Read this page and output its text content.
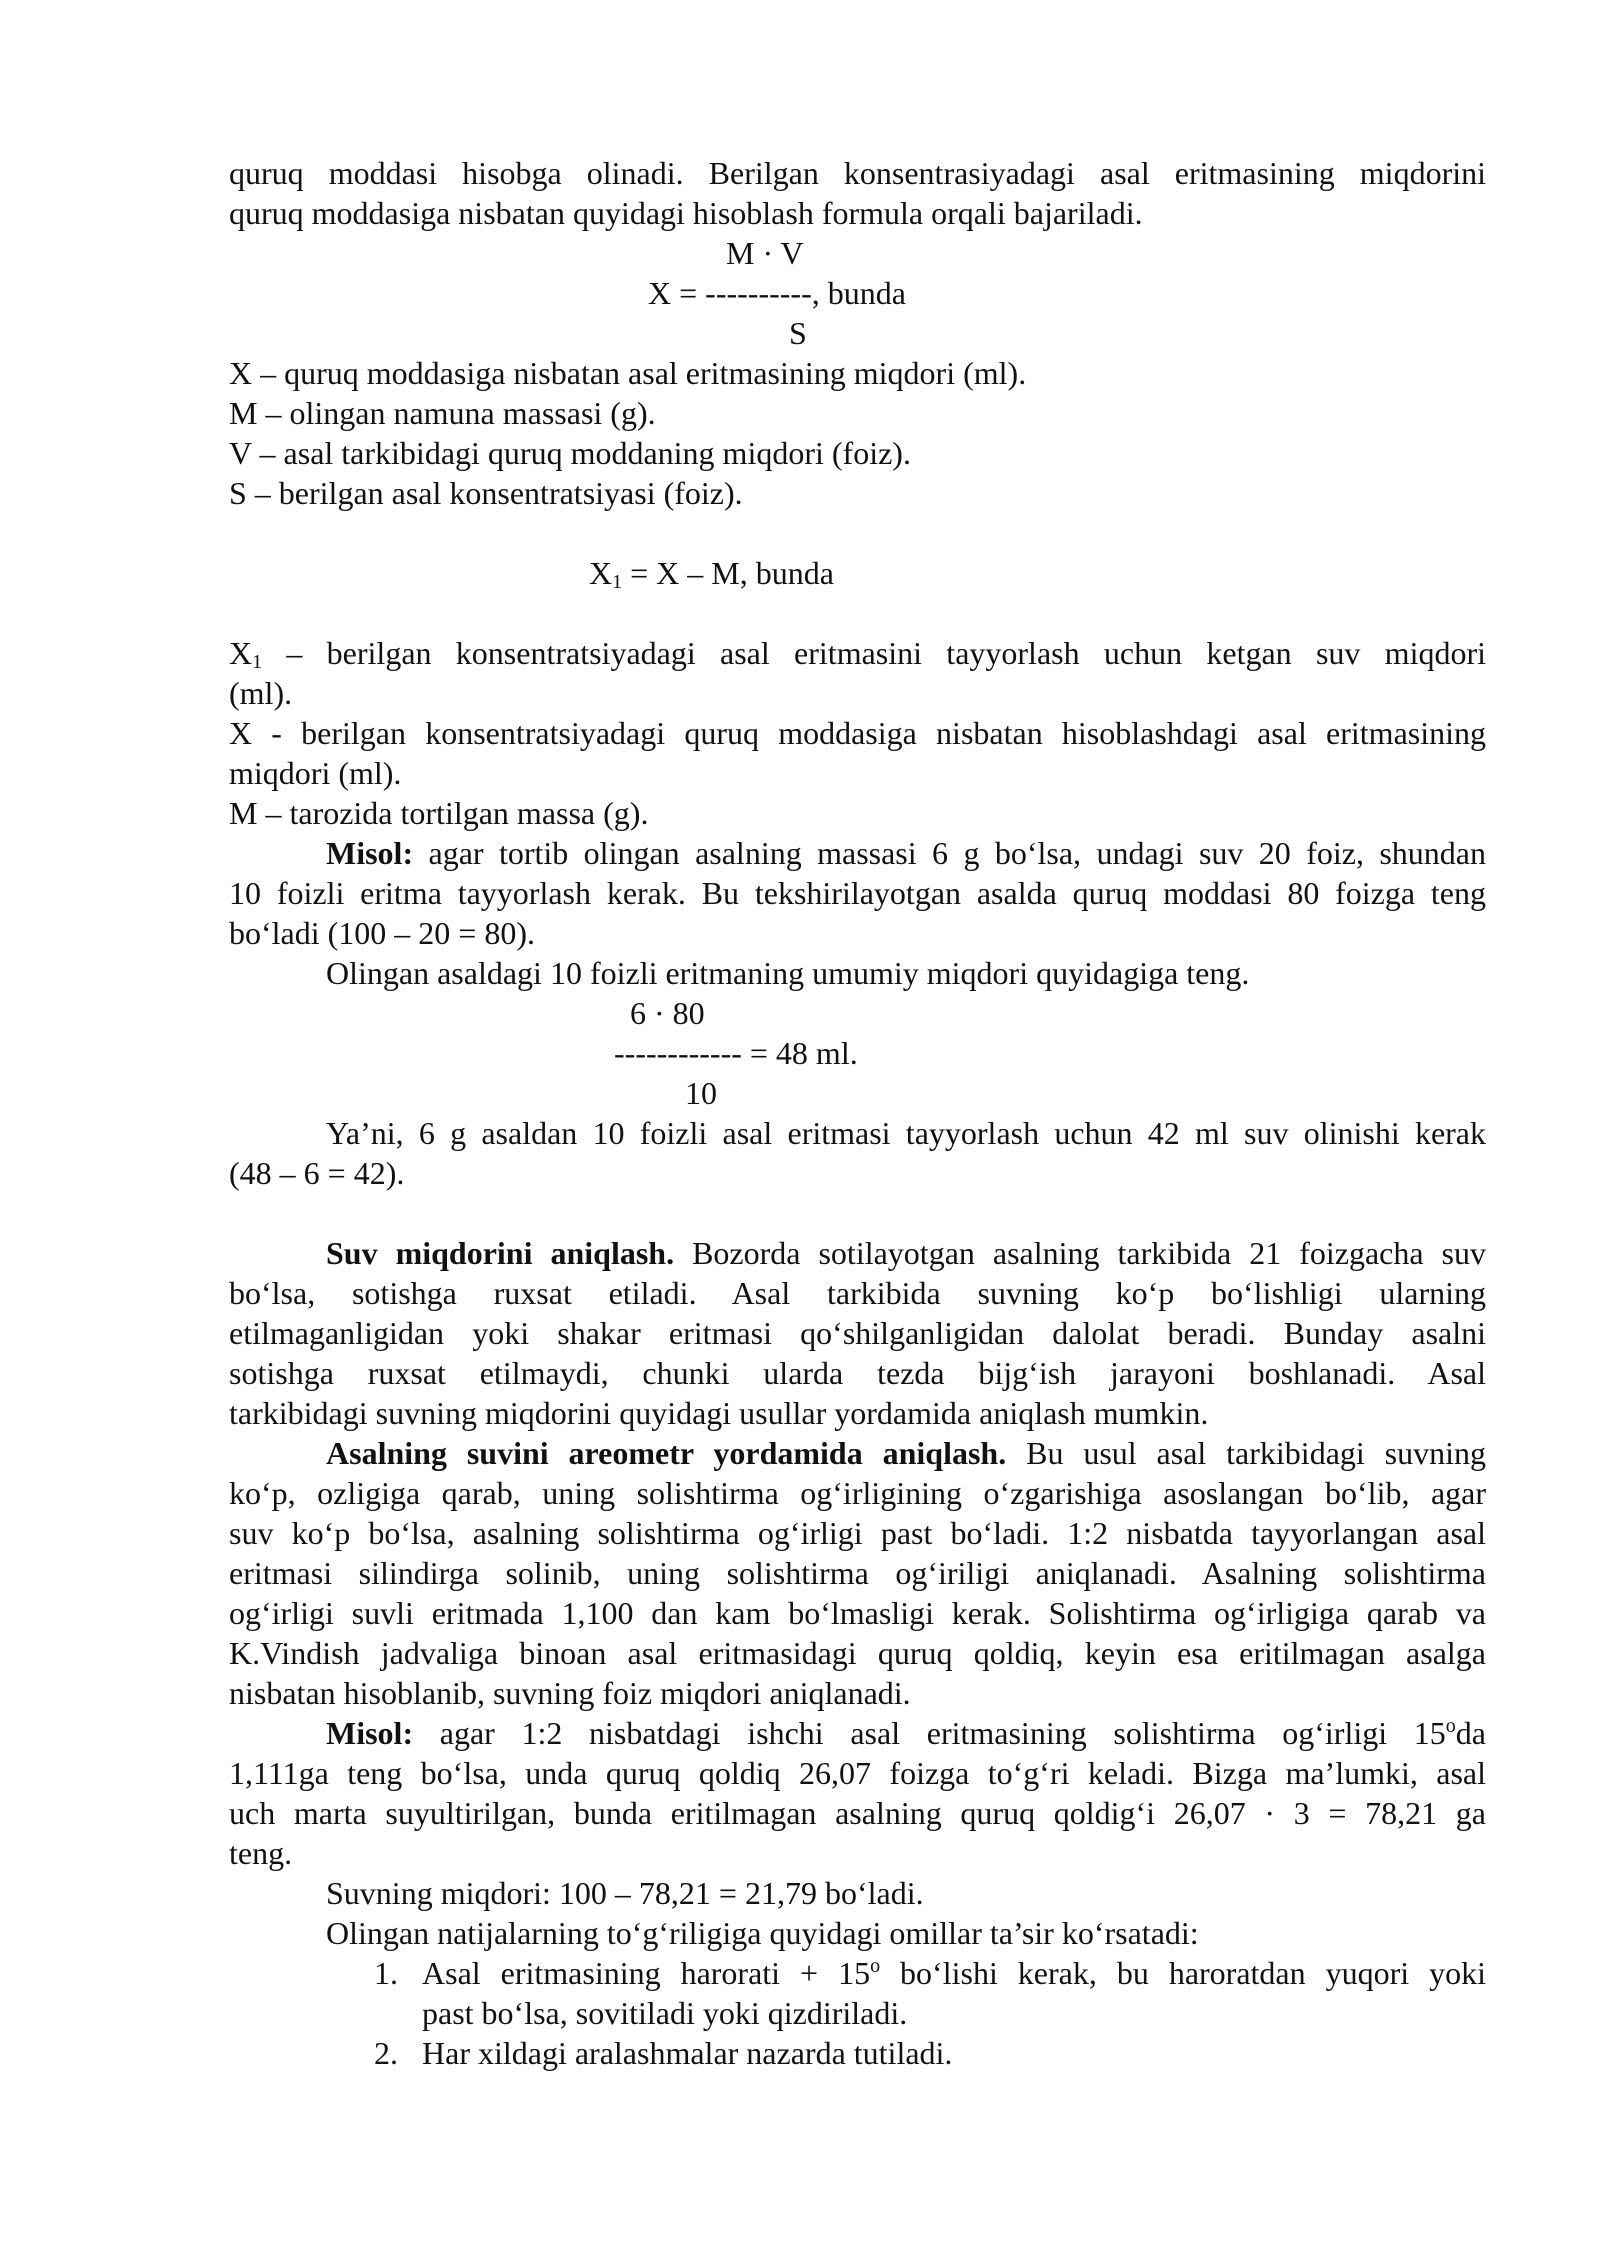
quruq moddasi hisobga olinadi. Berilgan konsentrasiyadagi asal eritmasining miqdorini
quruq moddasiga nisbatan quyidagi hisoblash formula orqali bajariladi.
M · V
X = ----------, bunda
S
X – quruq moddasiga nisbatan asal eritmasining miqdori (ml).
M – olingan namuna massasi (g).
V – asal tarkibidagi quruq moddaning miqdori (foiz).
S – berilgan asal konsentratsiyasi (foiz).
$X_1 = X - M$, bunda
$X_1$ – berilgan konsentratsiyadagi asal eritmasini tayyorlash uchun ketgan suv miqdori
(ml).
X - berilgan konsentratsiyadagi quruq moddasiga nisbatan hisoblashdagi asal eritmasining
miqdori (ml).
M – tarozida tortilgan massa (g).
Misol: agar tortib olingan asalning massasi 6 g bo‘lsa, undagi suv 20 foiz, shundan
10 foizli eritma tayyorlash kerak. Bu tekshirilayotgan asalda quruq moddasi 80 foizga teng
bo‘ladi (100 – 20 = 80).
Olingan asaldagi 10 foizli eritmaning umumiy miqdori quyidagiga teng.
6 · 80
------------ = 48 ml.
10
Ya’ni, 6 g asaldan 10 foizli asal eritmasi tayyorlash uchun 42 ml suv olinishi kerak
(48 – 6 = 42).
Suv miqdorini aniqlash. Bozorda sotilayotgan asalning tarkibida 21 foizgacha suv
bo‘lsa, sotishga ruxsat etiladi. Asal tarkibida suvning ko‘p bo‘lishligi ularning
etilmaganligidan yoki shakar eritmasi qo‘shilganligidan dalolat beradi. Bunday asalni
sotishga ruxsat etilmaydi, chunki ularda tezda bijg‘ish jarayoni boshlanadi. Asal
tarkibidagi suvning miqdorini quyidagi usullar yordamida aniqlash mumkin.
Asalning suvini areometr yordamida aniqlash. Bu usul asal tarkibidagi suvning
ko‘p, ozligiga qarab, uning solishtirma og‘irligining o‘zgarishiga asoslangan bo‘lib, agar
suv ko‘p bo‘lsa, asalning solishtirma og‘irligi past bo‘ladi. 1:2 nisbatda tayyorlangan asal
eritmasi silindirga solinib, uning solishtirma og‘iriligi aniqlanadi. Asalning solishtirma
og‘irligi suvli eritmada 1,100 dan kam bo‘lmasligi kerak. Solishtirma og‘irligiga qarab va
K.Vindish jadvaliga binoan asal eritmasidagi quruq qoldiq, keyin esa eritilmagan asalga
nisbatan hisoblanib, suvning foiz miqdori aniqlanadi.
Misol: agar 1:2 nisbatdagi ishchi asal eritmasining solishtirma og‘irligi 15$^o$da
1,111ga teng bo‘lsa, unda quruq qoldiq 26,07 foizga to‘g‘ri keladi. Bizga ma’lumki, asal
uch marta suyultirilgan, bunda eritilmagan asalning quruq qoldig‘i 26,07 · 3 = 78,21 ga
teng.
Suvning miqdori: 100 – 78,21 = 21,79 bo‘ladi.
Olingan natijalarning to‘g‘riligiga quyidagi omillar ta’sir ko‘rsatadi:
1. Asal eritmasining harorati + $15^o$ bo‘lishi kerak, bu haroratdan yuqori yoki
past bo‘lsa, sovitiladi yoki qizdiriladi.
2. Har xildagi aralashmalar nazarda tutiladi.
